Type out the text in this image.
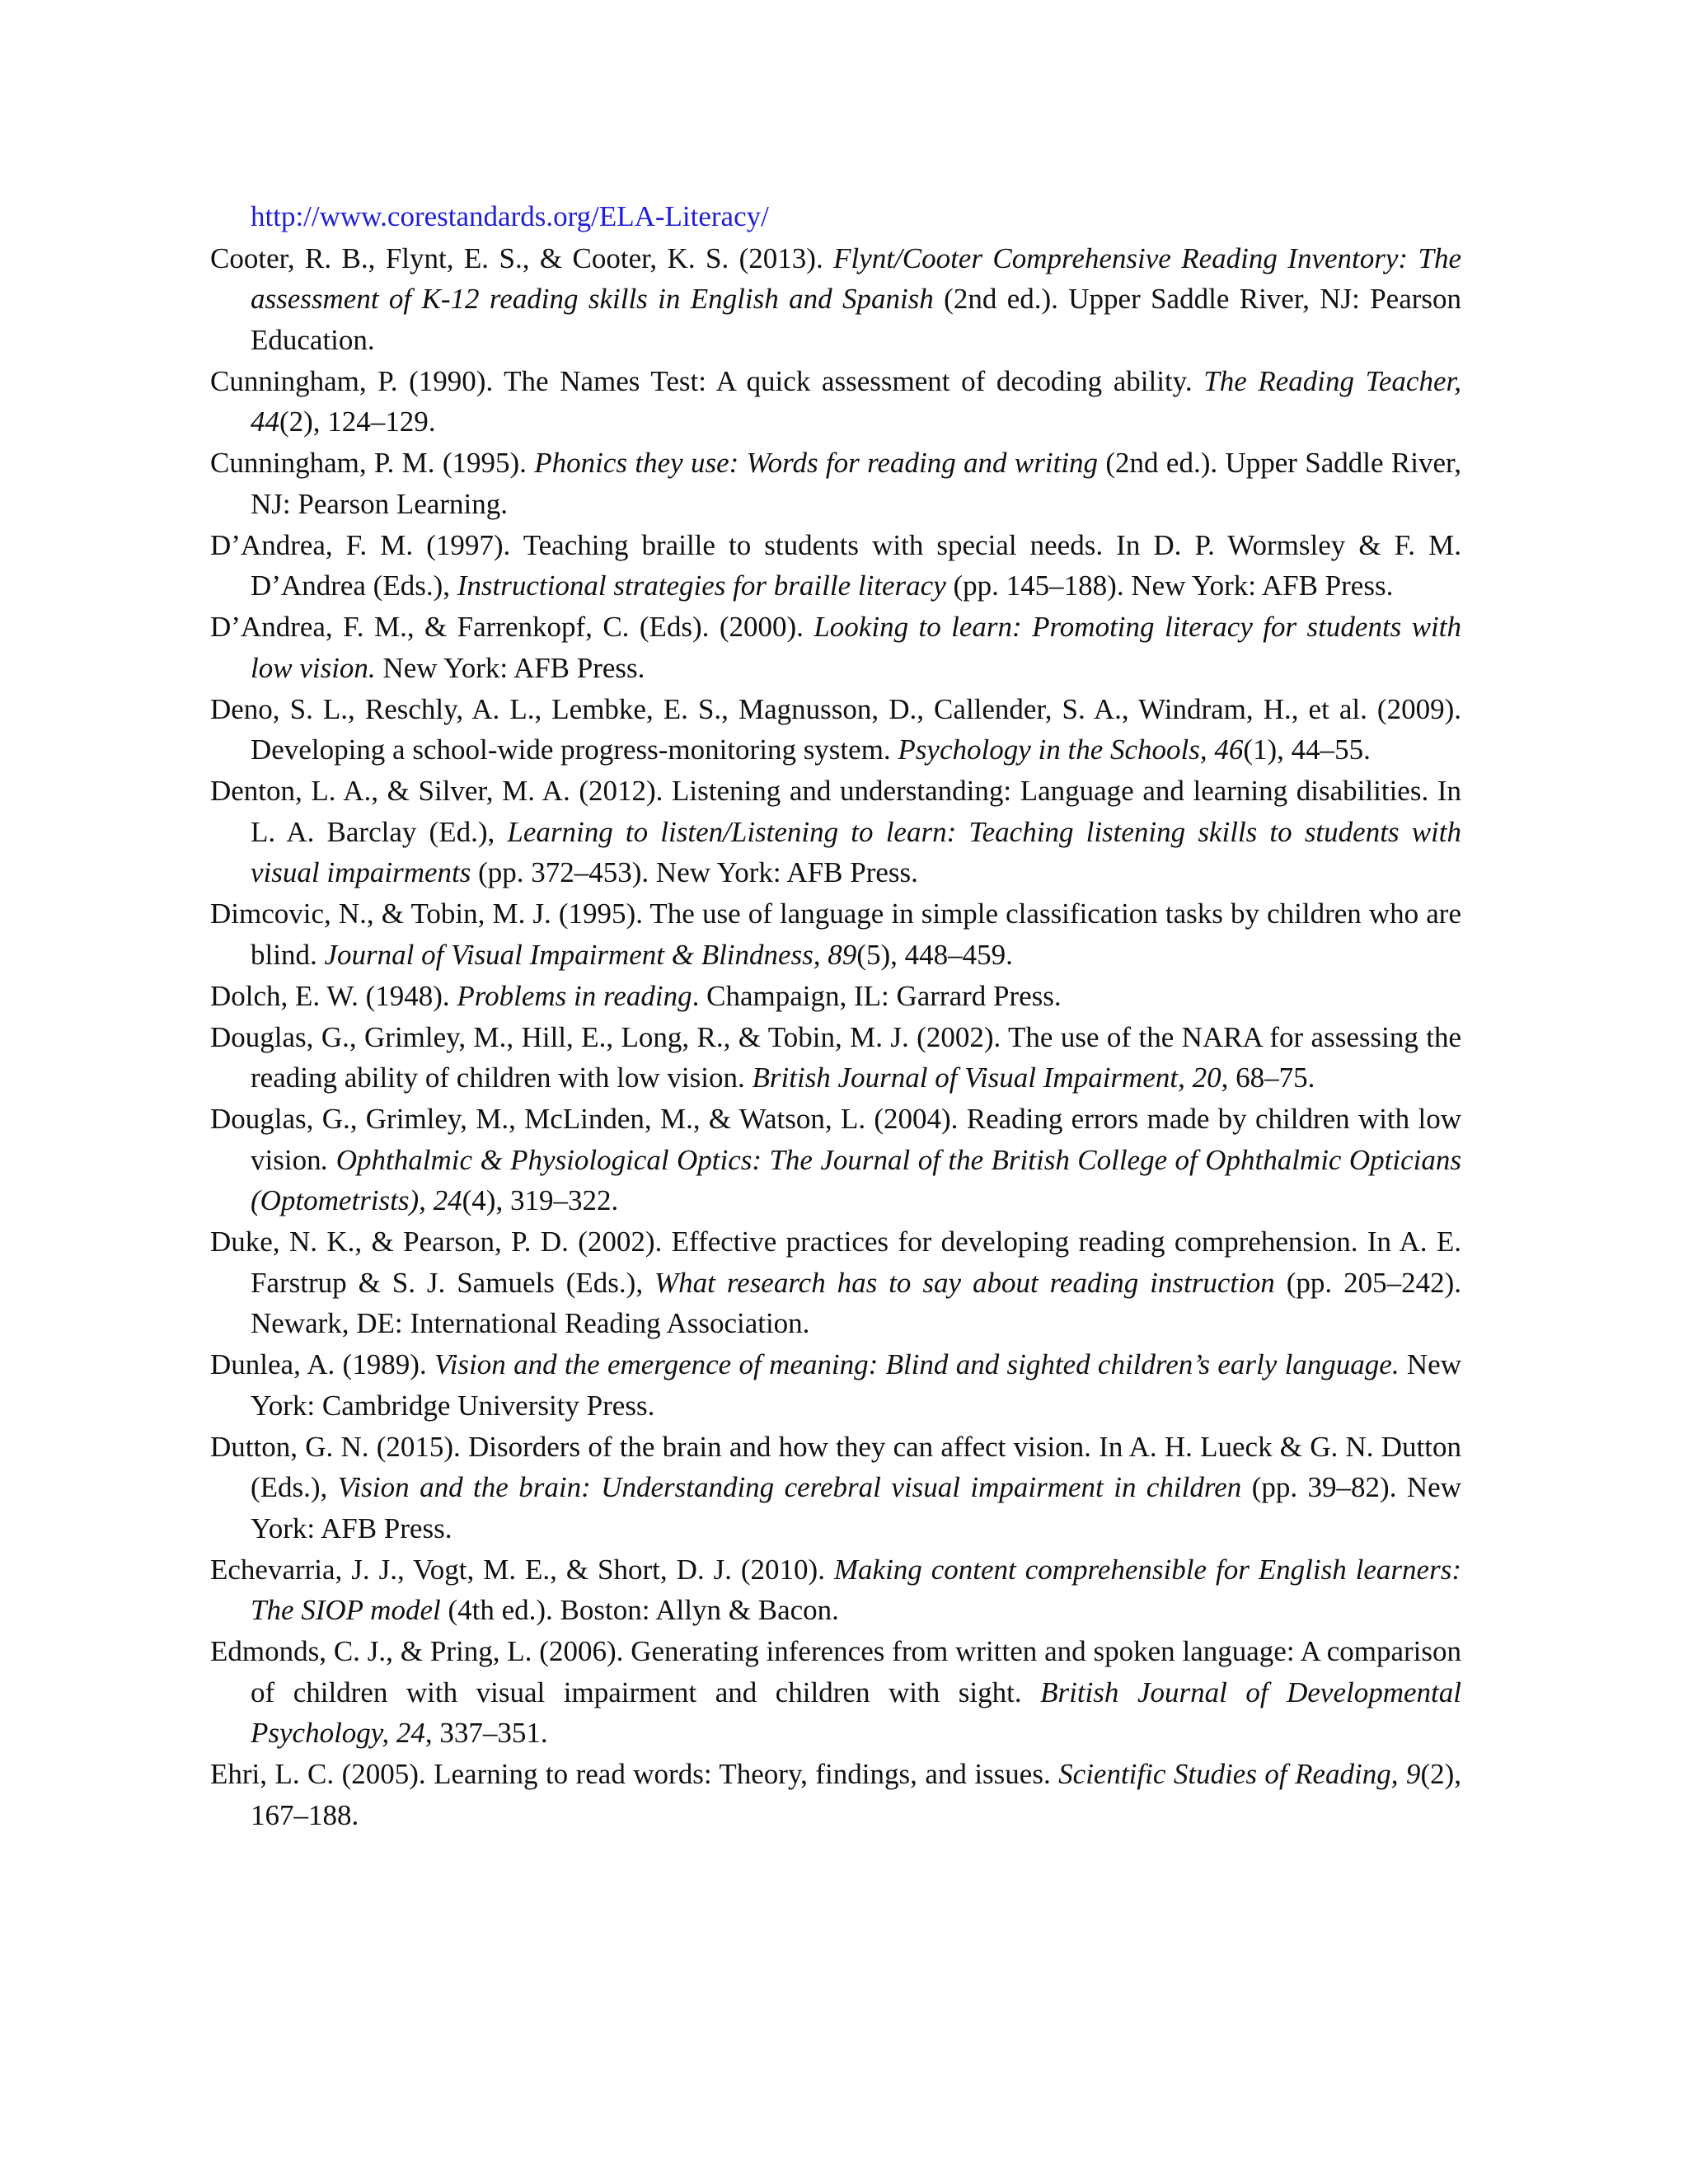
http://www.corestandards.org/ELA-Literacy/

Cooter, R. B., Flynt, E. S., & Cooter, K. S. (2013). Flynt/Cooter Comprehensive Reading Inventory: The assessment of K-12 reading skills in English and Spanish (2nd ed.). Upper Saddle River, NJ: Pearson Education.

Cunningham, P. (1990). The Names Test: A quick assessment of decoding ability. The Reading Teacher, 44(2), 124–129.

Cunningham, P. M. (1995). Phonics they use: Words for reading and writing (2nd ed.). Upper Saddle River, NJ: Pearson Learning.

D’Andrea, F. M. (1997). Teaching braille to students with special needs. In D. P. Wormsley & F. M. D’Andrea (Eds.), Instructional strategies for braille literacy (pp. 145–188). New York: AFB Press.

D’Andrea, F. M., & Farrenkopf, C. (Eds). (2000). Looking to learn: Promoting literacy for students with low vision. New York: AFB Press.

Deno, S. L., Reschly, A. L., Lembke, E. S., Magnusson, D., Callender, S. A., Windram, H., et al. (2009). Developing a school-wide progress-monitoring system. Psychology in the Schools, 46(1), 44–55.

Denton, L. A., & Silver, M. A. (2012). Listening and understanding: Language and learning disabilities. In L. A. Barclay (Ed.), Learning to listen/Listening to learn: Teaching listening skills to students with visual impairments (pp. 372–453). New York: AFB Press.

Dimcovic, N., & Tobin, M. J. (1995). The use of language in simple classification tasks by children who are blind. Journal of Visual Impairment & Blindness, 89(5), 448–459.

Dolch, E. W. (1948). Problems in reading. Champaign, IL: Garrard Press.

Douglas, G., Grimley, M., Hill, E., Long, R., & Tobin, M. J. (2002). The use of the NARA for assessing the reading ability of children with low vision. British Journal of Visual Impairment, 20, 68–75.

Douglas, G., Grimley, M., McLinden, M., & Watson, L. (2004). Reading errors made by children with low vision. Ophthalmic & Physiological Optics: The Journal of the British College of Ophthalmic Opticians (Optometrists), 24(4), 319–322.

Duke, N. K., & Pearson, P. D. (2002). Effective practices for developing reading comprehension. In A. E. Farstrup & S. J. Samuels (Eds.), What research has to say about reading instruction (pp. 205–242). Newark, DE: International Reading Association.

Dunlea, A. (1989). Vision and the emergence of meaning: Blind and sighted children’s early language. New York: Cambridge University Press.

Dutton, G. N. (2015). Disorders of the brain and how they can affect vision. In A. H. Lueck & G. N. Dutton (Eds.), Vision and the brain: Understanding cerebral visual impairment in children (pp. 39–82). New York: AFB Press.

Echevarria, J. J., Vogt, M. E., & Short, D. J. (2010). Making content comprehensible for English learners: The SIOP model (4th ed.). Boston: Allyn & Bacon.

Edmonds, C. J., & Pring, L. (2006). Generating inferences from written and spoken language: A comparison of children with visual impairment and children with sight. British Journal of Developmental Psychology, 24, 337–351.

Ehri, L. C. (2005). Learning to read words: Theory, findings, and issues. Scientific Studies of Reading, 9(2), 167–188.
